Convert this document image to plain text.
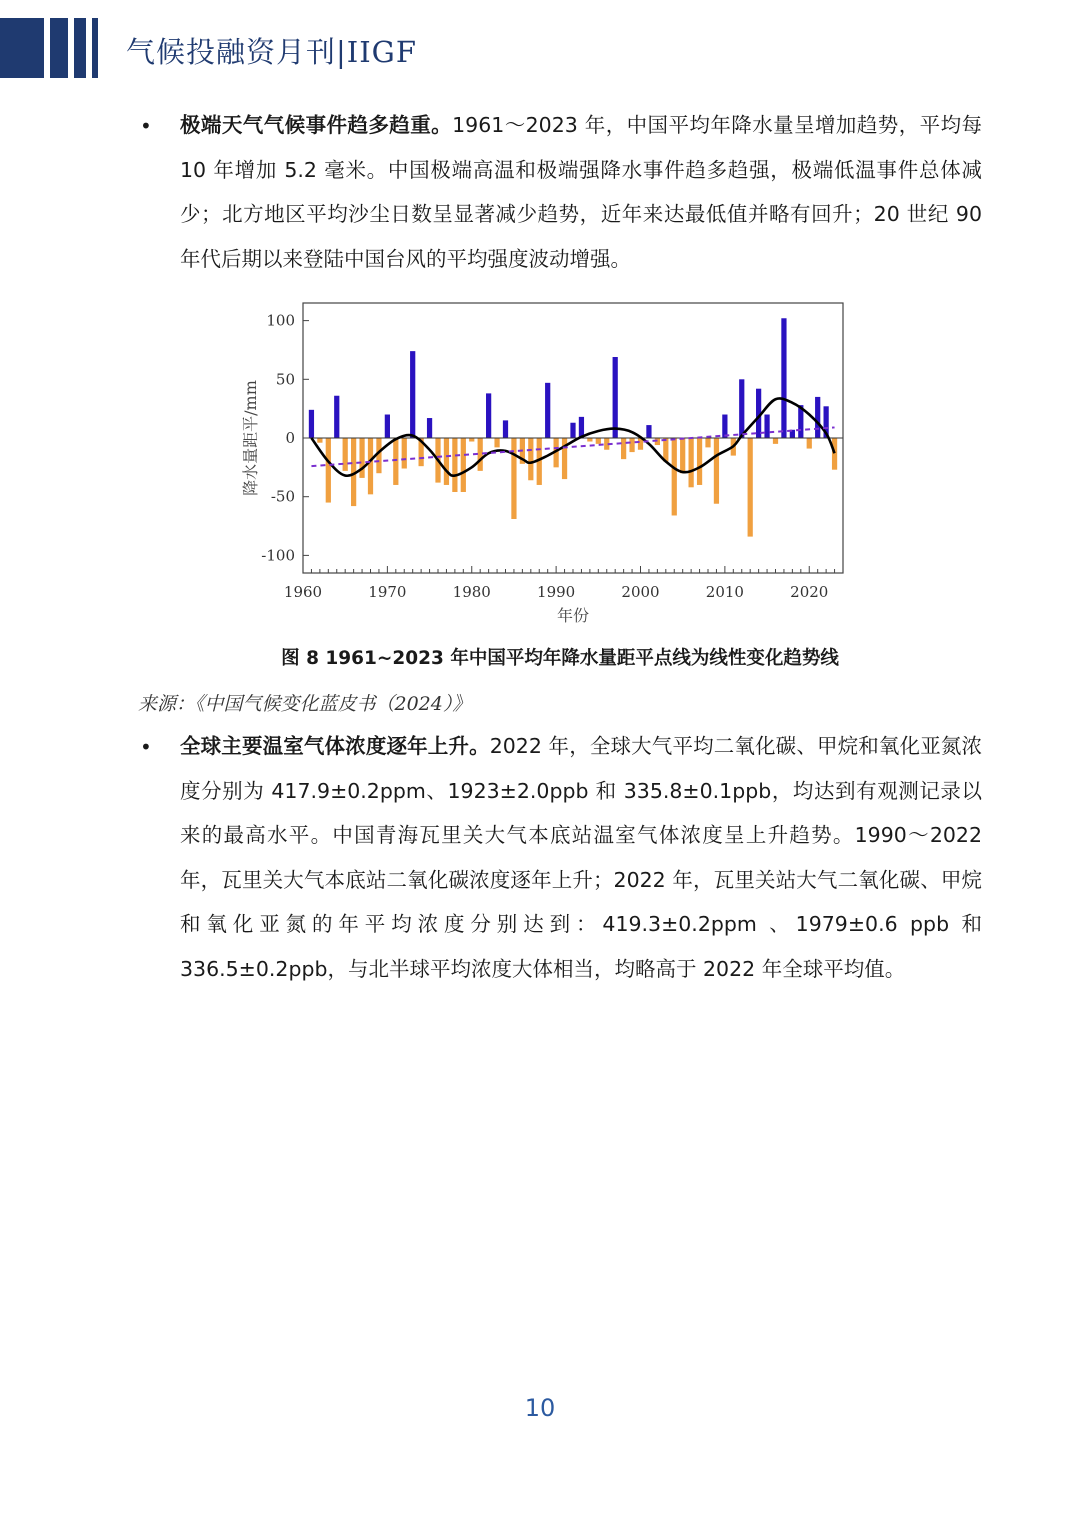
气候投融资月刊|IIGF
• 极端天气气候事件趋多趋重。1961～2023 年，中国平均年降水量呈增加趋势，平均每 10 年增加 5.2 毫米。中国极端高温和极端强降水事件趋多趋强，极端低温事件总体减少；北方地区平均沙尘日数呈显著减少趋势，近年来达最低值并略有回升；20 世纪 90 年代后期以来登陆中国台风的平均强度波动增强。
100
50
0
-50
-100
1960	1970	1980	1990	2000	2010	2020
年份
降水量距平/mm
图 8 1961~2023 年中国平均年降水量距平点线为线性变化趋势线
来源：《中国气候变化蓝皮书（2024）》
• 全球主要温室气体浓度逐年上升。2022 年，全球大气平均二氧化碳、甲烷和氧化亚氮浓度分别为 417.9±0.2ppm、1923±2.0ppb 和 335.8±0.1ppb，均达到有观测记录以来的最高水平。中国青海瓦里关大气本底站温室气体浓度呈上升趋势。1990～2022 年，瓦里关大气本底站二氧化碳浓度逐年上升；2022 年，瓦里关站大气二氧化碳、甲烷和氧化亚氮的年平均浓度分别达到：419.3±0.2ppm 、1979±0.6 ppb 和 336.5±0.2ppb，与北半球平均浓度大体相当，均略高于 2022 年全球平均值。
10
